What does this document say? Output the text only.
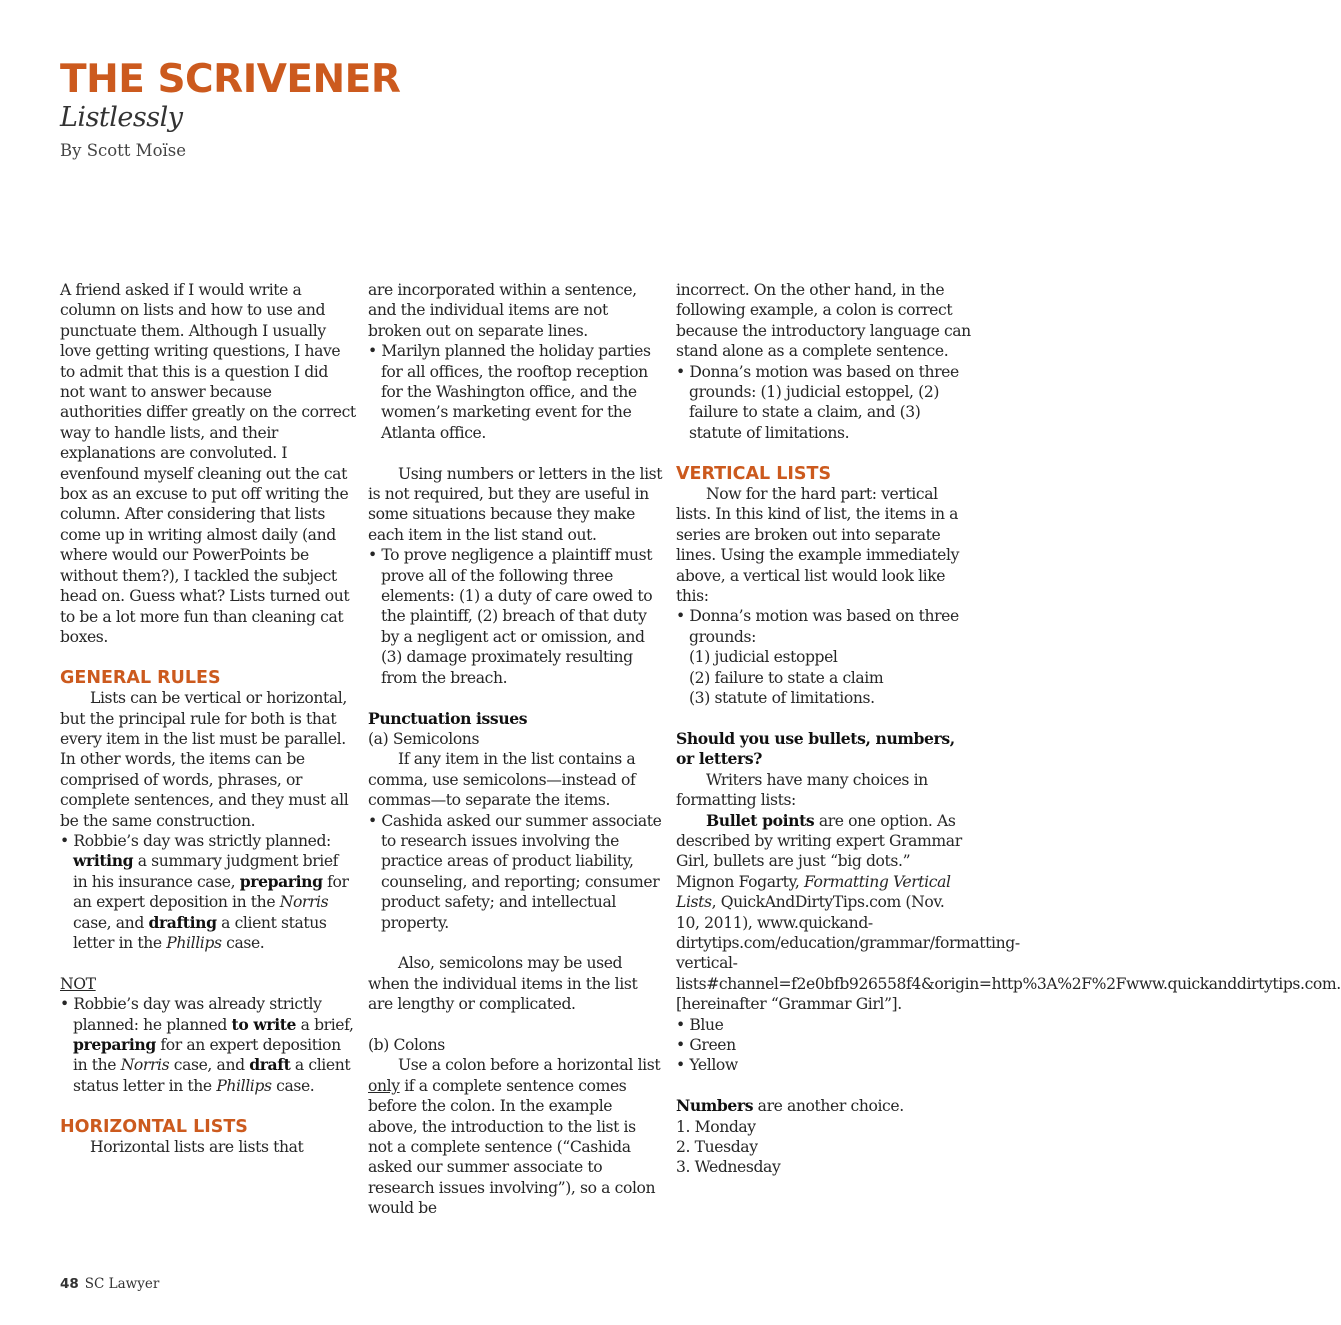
THE SCRIVENER
Listlessly
By Scott Moïse

A friend asked if I would write a column on lists and how to use and punctuate them. Although I usually love getting writing questions, I have to admit that this is a question I did not want to answer because authorities differ greatly on the correct way to handle lists, and their explanations are convoluted. I evenfound myself cleaning out the cat box as an excuse to put off writing the column. After considering that lists come up in writing almost daily (and where would our PowerPoints be without them?), I tackled the subject head on. Guess what? Lists turned out to be a lot more fun than cleaning cat boxes.

GENERAL RULES

Lists can be vertical or horizontal, but the principal rule for both is that every item in the list must be parallel. In other words, the items can be comprised of words, phrases, or complete sentences, and they must all be the same construction.

• Robbie’s day was strictly planned: writing a summary judgment brief in his insurance case, preparing for an expert deposition in the Norris case, and drafting a client status letter in the Phillips case.

NOT

• Robbie’s day was already strictly planned: he planned to write a brief, preparing for an expert deposition in the Norris case, and draft a client status letter in the Phillips case.

HORIZONTAL LISTS

Horizontal lists are lists that

are incorporated within a sentence, and the individual items are not broken out on separate lines.

• Marilyn planned the holiday parties for all offices, the rooftop reception for the Washington office, and the women’s marketing event for the Atlanta office.

Using numbers or letters in the list is not required, but they are useful in some situations because they make each item in the list stand out.

• To prove negligence a plaintiff must prove all of the following three elements: (1) a duty of care owed to the plaintiff, (2) breach of that duty by a negligent act or omission, and (3) damage proximately resulting from the breach.

Punctuation issues

(a) Semicolons

If any item in the list contains a comma, use semicolons—instead of commas—to separate the items.

• Cashida asked our summer associate to research issues involving the practice areas of product liability, counseling, and reporting; consumer product safety; and intellectual property.

Also, semicolons may be used when the individual items in the list are lengthy or complicated.

(b) Colons

Use a colon before a horizontal list only if a complete sentence comes before the colon. In the example above, the introduction to the list is not a complete sentence (“Cashida asked our summer associate to research issues involving”), so a colon would be

incorrect. On the other hand, in the following example, a colon is correct because the introductory language can stand alone as a complete sentence.

• Donna’s motion was based on three grounds: (1) judicial estoppel, (2) failure to state a claim, and (3) statute of limitations.

VERTICAL LISTS

Now for the hard part: vertical lists. In this kind of list, the items in a series are broken out into separate lines. Using the example immediately above, a vertical list would look like this:

• Donna’s motion was based on three grounds:

(1) judicial estoppel

(2) failure to state a claim

(3) statute of limitations.

Should you use bullets, numbers, or letters?

Writers have many choices in formatting lists:

Bullet points are one option. As described by writing expert Grammar Girl, bullets are just “big dots.” Mignon Fogarty, Formatting Vertical Lists, QuickAndDirtyTips.com (Nov. 10, 2011), www.quickand-dirtytips.com/education/grammar/formatting-vertical-lists#channel=f2e0bfb926558f4&origin=http%3A%2F%2Fwww.quickanddirtytips.com. [hereinafter “Grammar Girl”].

• Blue

• Green

• Yellow

Numbers are another choice.

1. Monday

2. Tuesday

3. Wednesday

48 SC Lawyer
